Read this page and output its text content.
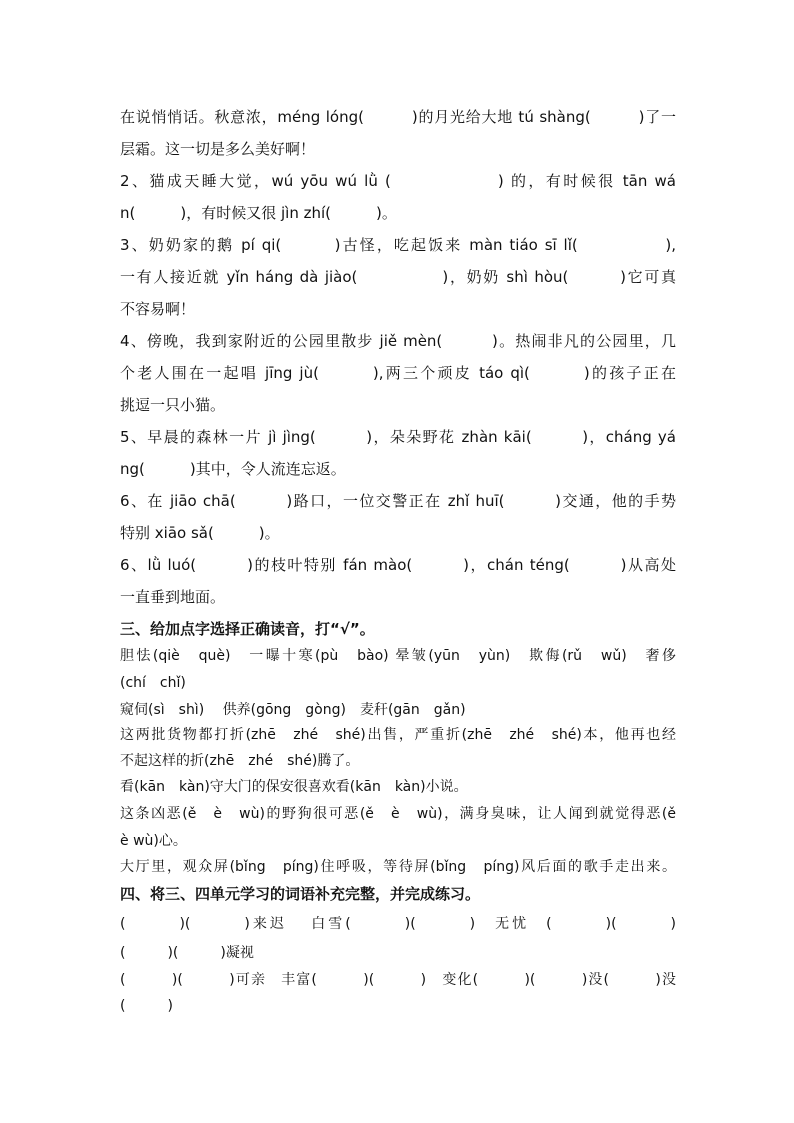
在说悄悄话。秋意浓，méng lóng(　　　)的月光给大地 tú shàng(　　　)了一
层霜。这一切是多么美好啊！
2、猫成天睡大觉，wú yōu wú lǜ (　　　　　　) 的，有时候很 tān wá
n(　　　)，有时候又很 jìn zhí(　　　)。
3、奶奶家的鹅 pí qi(　　　)古怪，吃起饭来 màn tiáo sī lǐ(　　　　　),
一有人接近就 yǐn háng dà jiào(　　　　　)，奶奶 shì hòu(　　　)它可真
不容易啊！
4、傍晚，我到家附近的公园里散步 jiě mèn(　　　)。热闹非凡的公园里，几
个老人围在一起唱 jīng jù(　　　),两三个顽皮 táo qì(　　　)的孩子正在
挑逗一只小猫。
5、早晨的森林一片 jì jìng(　　　)，朵朵野花 zhàn kāi(　　　)，cháng yá
ng(　　　)其中，令人流连忘返。
6、在 jiāo chā(　　　)路口，一位交警正在 zhǐ huī(　　　)交通，他的手势
特别 xiāo sǎ(　　　)。
6、lǜ luó(　　　)的枝叶特别 fán mào(　　　)，chán téng(　　　)从高处
一直垂到地面。
三、给加点字选择正确读音，打“√”。
胆怯(qiè　què)　一曝十寒(pù　bào) 晕皱(yūn　yùn)　欺侮(rǔ　wǔ)　奢侈
(chí　chǐ)
窥伺(sì　shì)　 供养(gōng　gòng)　麦秆(gān　gǎn)
这两批货物都打折(zhē　zhé　shé)出售，严重折(zhē　zhé　shé)本，他再也经
不起这样的折(zhē　zhé　shé)腾了。
看(kān　kàn)守大门的保安很喜欢看(kān　kàn)小说。
这条凶恶(ě　è　wù)的野狗很可恶(ě　è　wù)，满身臭味，让人闻到就觉得恶(ě
è wù)心。
大厅里，观众屏(bǐng　píng)住呼吸，等待屏(bǐng　píng)风后面的歌手走出来。
四、将三、四单元学习的词语补充完整，并完成练习。
(　　　)(　　　)来迟　 白雪(　　　)(　　　)　无忧　(　　　)(　　　)
(　　　)(　　　)凝视
(　　　)(　　　)可亲　丰富(　　　)(　　　)　变化(　　　)(　　　)没(　　　)没
(　　　)
